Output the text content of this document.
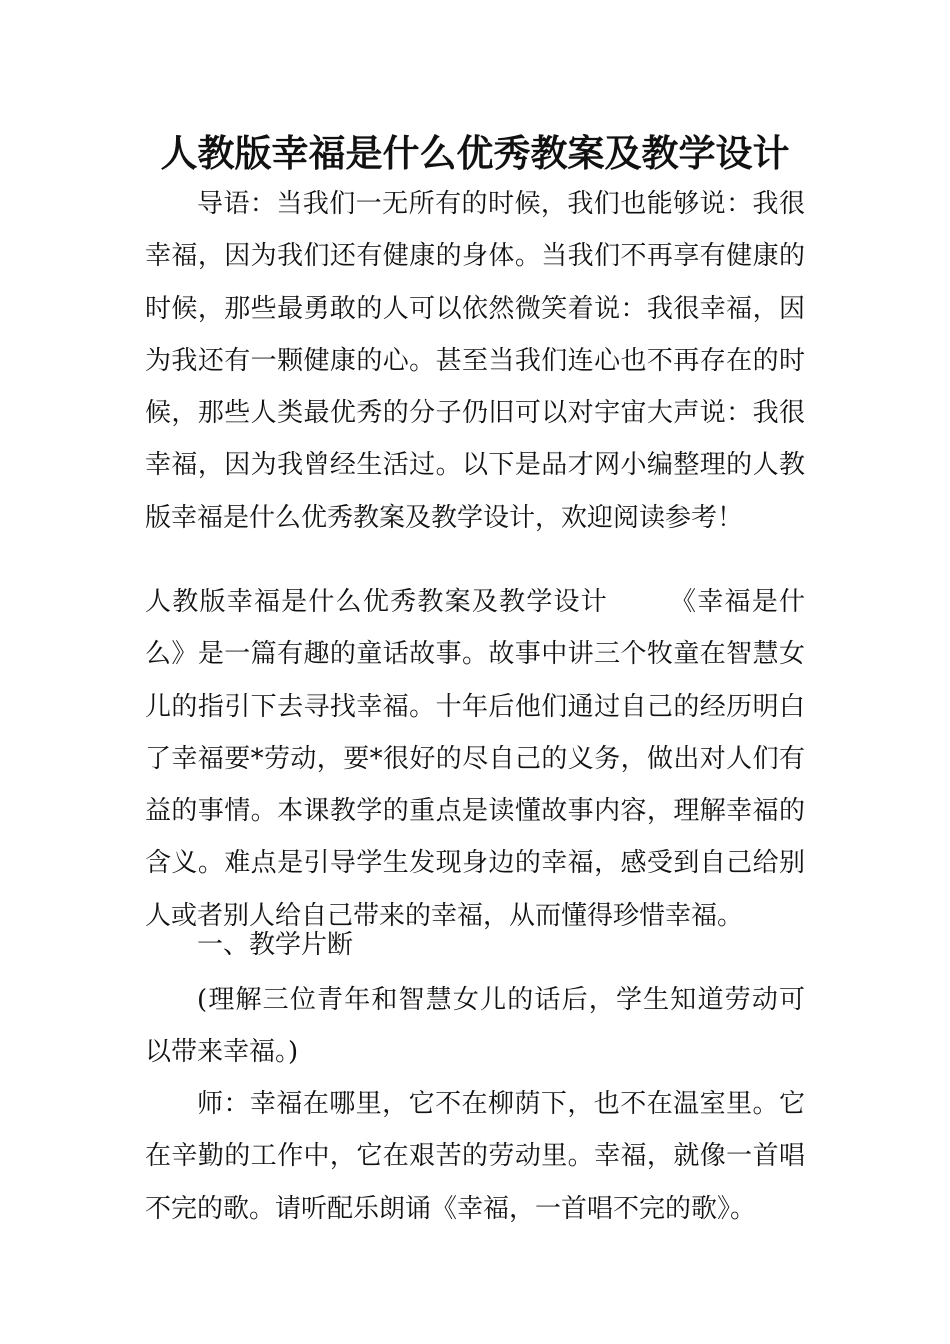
人教版幸福是什么优秀教案及教学设计

导语：当我们一无所有的时候，我们也能够说：我很幸福，因为我们还有健康的身体。当我们不再享有健康的时候，那些最勇敢的人可以依然微笑着说：我很幸福，因为我还有一颗健康的心。甚至当我们连心也不再存在的时候，那些人类最优秀的分子仍旧可以对宇宙大声说：我很幸福，因为我曾经生活过。以下是品才网小编整理的人教版幸福是什么优秀教案及教学设计，欢迎阅读参考！

人教版幸福是什么优秀教案及教学设计 《幸福是什么》是一篇有趣的童话故事。故事中讲三个牧童在智慧女儿的指引下去寻找幸福。十年后他们通过自己的经历明白了幸福要*劳动，要*很好的尽自己的义务，做出对人们有益的事情。本课教学的重点是读懂故事内容，理解幸福的含义。难点是引导学生发现身边的幸福，感受到自己给别人或者别人给自己带来的幸福，从而懂得珍惜幸福。

一、教学片断

(理解三位青年和智慧女儿的话后，学生知道劳动可以带来幸福。)

师：幸福在哪里，它不在柳荫下，也不在温室里。它在辛勤的工作中，它在艰苦的劳动里。幸福，就像一首唱不完的歌。请听配乐朗诵《幸福，一首唱不完的歌》。
